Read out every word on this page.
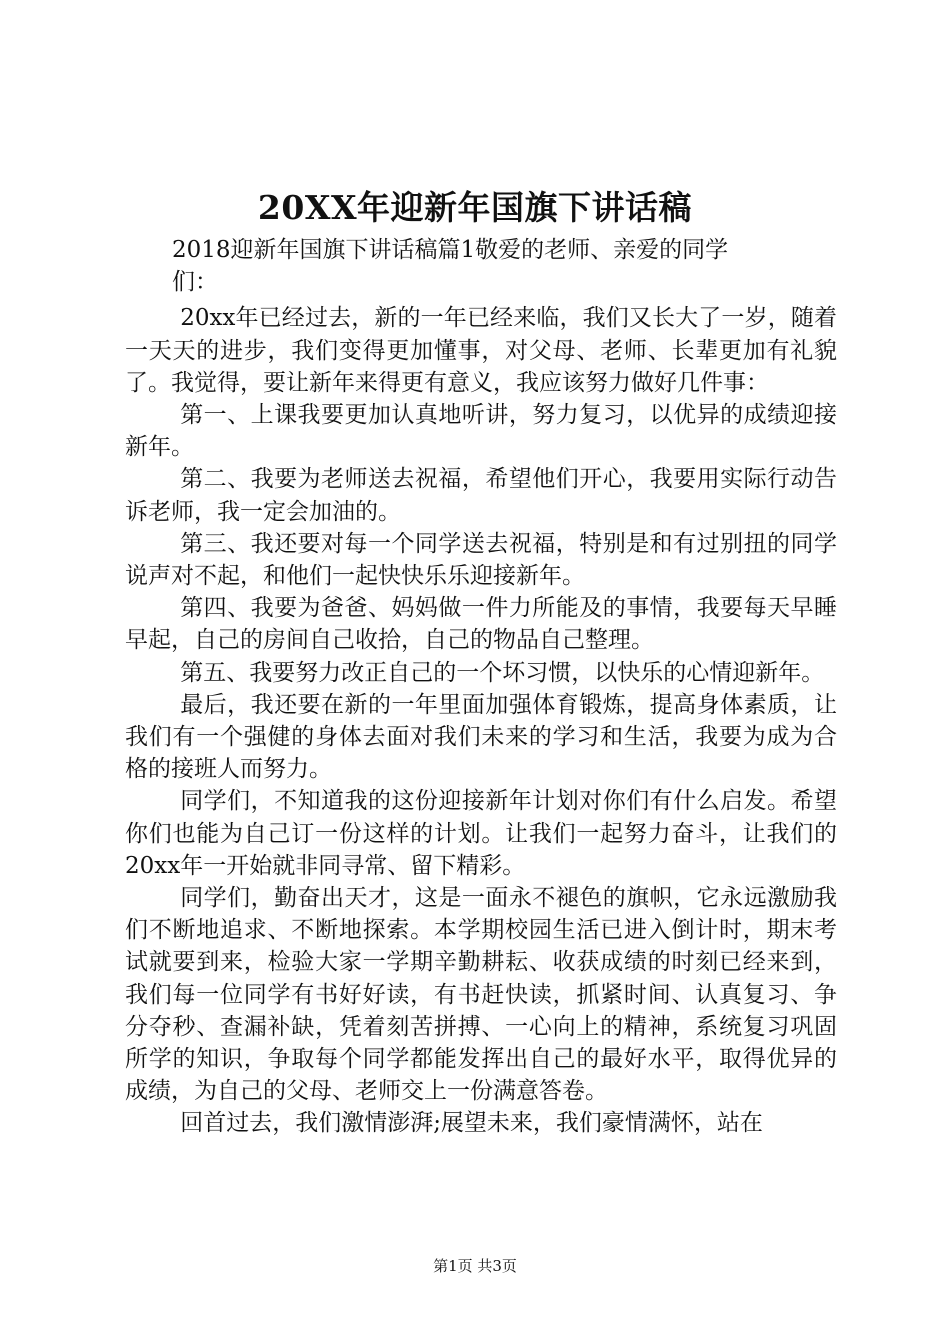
20XX年迎新年国旗下讲话稿

2018迎新年国旗下讲话稿篇1敬爱的老师、亲爱的同学们：

20xx年已经过去，新的一年已经来临，我们又长大了一岁，随着一天天的进步，我们变得更加懂事，对父母、老师、长辈更加有礼貌了。我觉得，要让新年来得更有意义，我应该努力做好几件事：

第一、上课我要更加认真地听讲，努力复习，以优异的成绩迎接新年。

第二、我要为老师送去祝福，希望他们开心，我要用实际行动告诉老师，我一定会加油的。

第三、我还要对每一个同学送去祝福，特别是和有过别扭的同学说声对不起，和他们一起快快乐乐迎接新年。

第四、我要为爸爸、妈妈做一件力所能及的事情，我要每天早睡早起，自己的房间自己收拾，自己的物品自己整理。

第五、我要努力改正自己的一个坏习惯，以快乐的心情迎新年。

最后，我还要在新的一年里面加强体育锻炼，提高身体素质，让我们有一个强健的身体去面对我们未来的学习和生活，我要为成为合格的接班人而努力。

同学们，不知道我的这份迎接新年计划对你们有什么启发。希望你们也能为自己订一份这样的计划。让我们一起努力奋斗，让我们的20xx年一开始就非同寻常、留下精彩。

同学们，勤奋出天才，这是一面永不褪色的旗帜，它永远激励我们不断地追求、不断地探索。本学期校园生活已进入倒计时，期末考试就要到来，检验大家一学期辛勤耕耘、收获成绩的时刻已经来到，我们每一位同学有书好好读，有书赶快读，抓紧时间、认真复习、争分夺秒、查漏补缺，凭着刻苦拼搏、一心向上的精神，系统复习巩固所学的知识，争取每个同学都能发挥出自己的最好水平，取得优异的成绩，为自己的父母、老师交上一份满意答卷。

回首过去，我们激情澎湃;展望未来，我们豪情满怀，站在

第1页 共3页
